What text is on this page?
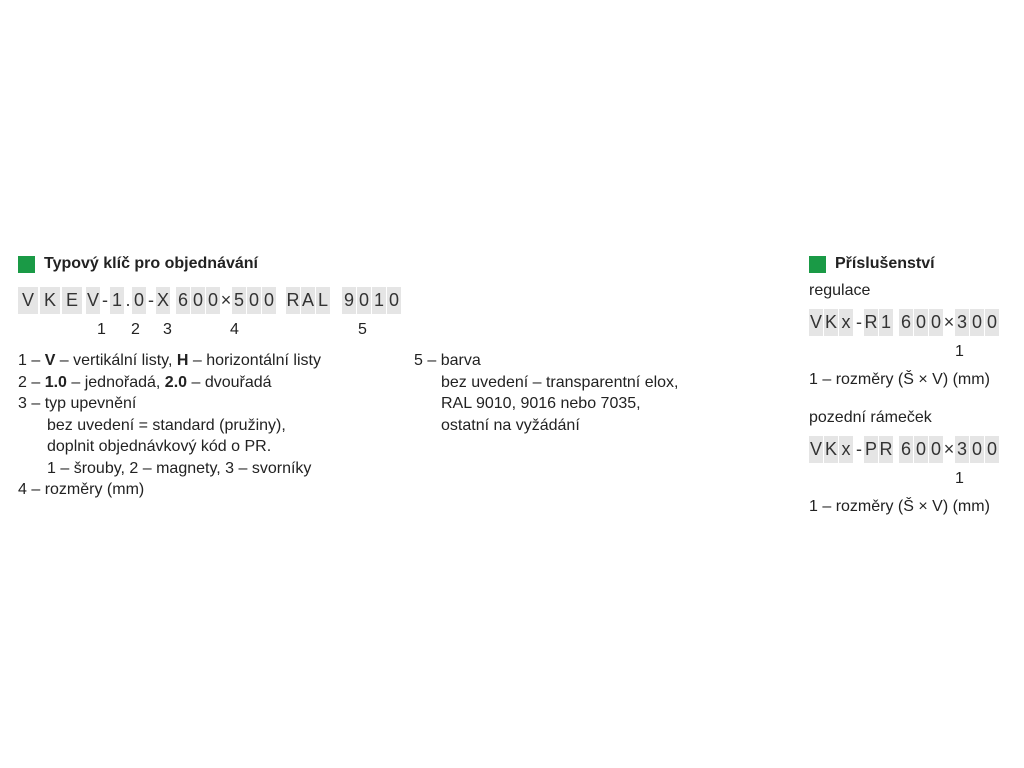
Typový klíč pro objednávání
V K E V - 1 . 0 - X 6 0 0 × 5 0 0 R A L 9 0 1 0
1 2 3	4	5
1 – V – vertikální listy, H – horizontální listy
2 – 1.0 – jednořadá, 2.0 – dvouřadá
3 – typ upevnění
bez uvedení = standard (pružiny),
doplnit objednávkový kód o PR.
1 – šrouby, 2 – magnety, 3 – svorníky
4 – rozměry (mm)
5 – barva
bez uvedení – transparentní elox,
RAL 9010, 9016 nebo 7035,
ostatní na vyžádání
Příslušenství
regulace
V K x - R 1 6 0 0 × 3 0 0
1
1 – rozměry (Š × V) (mm)
pozední rámeček
V K x - P R 6 0 0 × 3 0 0
1
1 – rozměry (Š × V) (mm)
